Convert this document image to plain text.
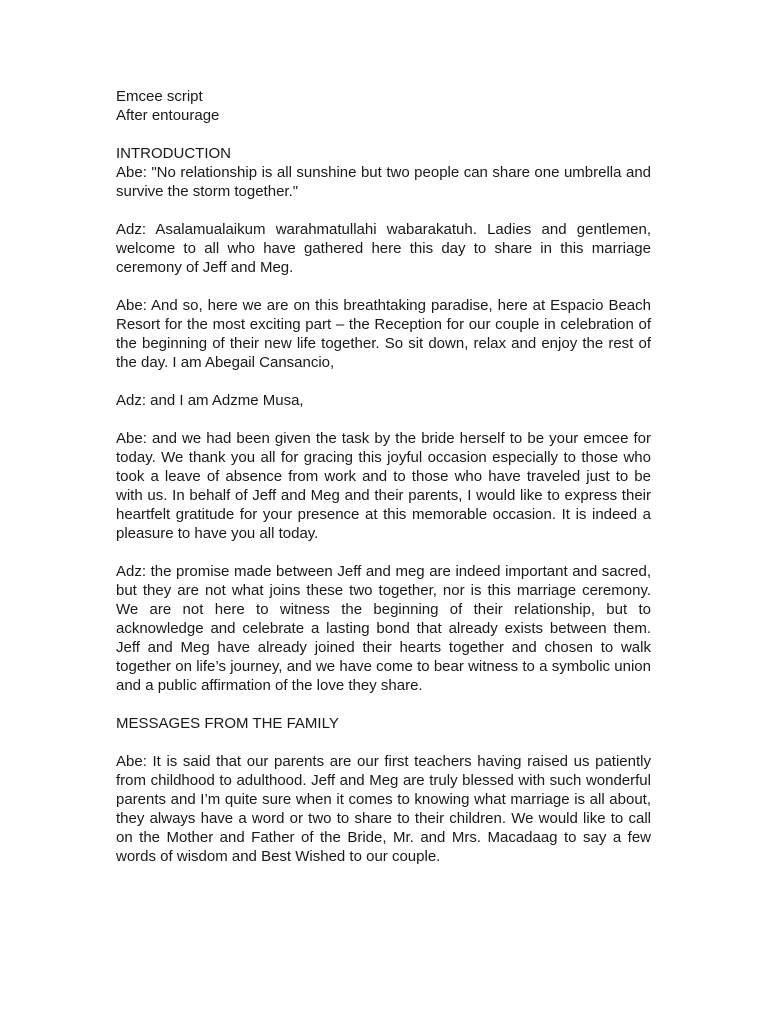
Emcee script

After entourage

INTRODUCTION

Abe: "No relationship is all sunshine but two people can share one umbrella and survive the storm together."

Adz: Asalamualaikum warahmatullahi wabarakatuh. Ladies and gentlemen, welcome to all who have gathered here this day to share in this marriage ceremony of Jeff and Meg.

Abe: And so, here we are on this breathtaking paradise, here at Espacio Beach Resort for the most exciting part – the Reception for our couple in celebration of the beginning of their new life together. So sit down, relax and enjoy the rest of the day. I am Abegail Cansancio,

Adz: and I am Adzme Musa,

Abe: and we had been given the task by the bride herself to be your emcee for today. We thank you all for gracing this joyful occasion especially to those who took a leave of absence from work and to those who have traveled just to be with us. In behalf of Jeff and Meg and their parents, I would like to express their heartfelt gratitude for your presence at this memorable occasion. It is indeed a pleasure to have you all today.

Adz: the promise made between Jeff and meg are indeed important and sacred, but they are not what joins these two together, nor is this marriage ceremony. We are not here to witness the beginning of their relationship, but to acknowledge and celebrate a lasting bond that already exists between them. Jeff and Meg have already joined their hearts together and chosen to walk together on life’s journey, and we have come to bear witness to a symbolic union and a public affirmation of the love they share.

MESSAGES FROM THE FAMILY

Abe: It is said that our parents are our first teachers having raised us patiently from childhood to adulthood. Jeff and Meg are truly blessed with such wonderful parents and I’m quite sure when it comes to knowing what marriage is all about, they always have a word or two to share to their children. We would like to call on the Mother and Father of the Bride, Mr. and Mrs. Macadaag to say a few words of wisdom and Best Wished to our couple.
